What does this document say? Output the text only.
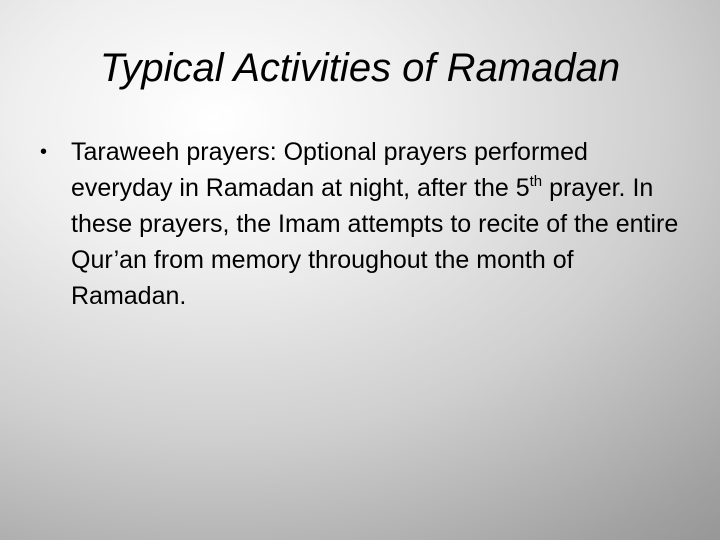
Typical Activities of Ramadan
• Taraweeh prayers: Optional prayers performed everyday in Ramadan at night, after the 5th prayer. In these prayers, the Imam attempts to recite of the entire Qur’an from memory throughout the month of Ramadan.
